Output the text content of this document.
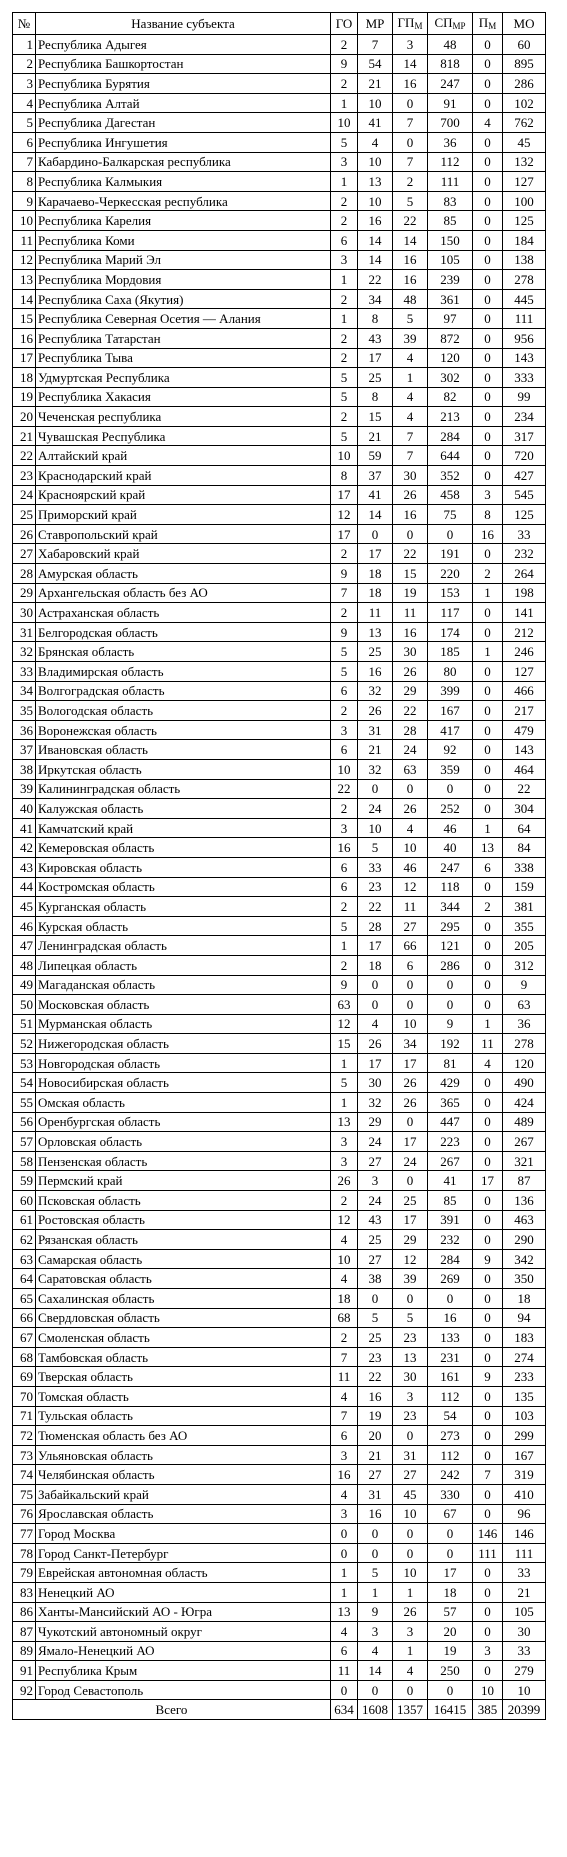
№	Название субъекта	ГО	МР	$ГП_М$	$СП_{MP}$	$П_М$	МО
1	Республика Адыгея	2	7	3	48	0	60
2	Республика Башкортостан	9	54	14	818	0	895
3	Республика Бурятия	2	21	16	247	0	286
4	Республика Алтай	1	10	0	91	0	102
5	Республика Дагестан	10	41	7	700	4	762
6	Республика Ингушетия	5	4	0	36	0	45
7	Кабардино-Балкарская республика	3	10	7	112	0	132
8	Республика Калмыкия	1	13	2	111	0	127
9	Карачаево-Черкесская республика	2	10	5	83	0	100
10	Республика Карелия	2	16	22	85	0	125
11	Республика Коми	6	14	14	150	0	184
12	Республика Марий Эл	3	14	16	105	0	138
13	Республика Мордовия	1	22	16	239	0	278
14	Республика Саха (Якутия)	2	34	48	361	0	445
15	Республика Северная Осетия — Алания	1	8	5	97	0	111
16	Республика Татарстан	2	43	39	872	0	956
17	Республика Тыва	2	17	4	120	0	143
18	Удмуртская Республика	5	25	1	302	0	333
19	Республика Хакасия	5	8	4	82	0	99
20	Чеченская республика	2	15	4	213	0	234
21	Чувашская Республика	5	21	7	284	0	317
22	Алтайский край	10	59	7	644	0	720
23	Краснодарский край	8	37	30	352	0	427
24	Красноярский край	17	41	26	458	3	545
25	Приморский край	12	14	16	75	8	125
26	Ставропольский край	17	0	0	0	16	33
27	Хабаровский край	2	17	22	191	0	232
28	Амурская область	9	18	15	220	2	264
29	Архангельская область без АО	7	18	19	153	1	198
30	Астраханская область	2	11	11	117	0	141
31	Белгородская область	9	13	16	174	0	212
32	Брянская область	5	25	30	185	1	246
33	Владимирская область	5	16	26	80	0	127
34	Волгоградская область	6	32	29	399	0	466
35	Вологодская область	2	26	22	167	0	217
36	Воронежская область	3	31	28	417	0	479
37	Ивановская область	6	21	24	92	0	143
38	Иркутская область	10	32	63	359	0	464
39	Калининградская область	22	0	0	0	0	22
40	Калужская область	2	24	26	252	0	304
41	Камчатский край	3	10	4	46	1	64
42	Кемеровская область	16	5	10	40	13	84
43	Кировская область	6	33	46	247	6	338
44	Костромская область	6	23	12	118	0	159
45	Курганская область	2	22	11	344	2	381
46	Курская область	5	28	27	295	0	355
47	Ленинградская область	1	17	66	121	0	205
48	Липецкая область	2	18	6	286	0	312
49	Магаданская область	9	0	0	0	0	9
50	Московская область	63	0	0	0	0	63
51	Мурманская область	12	4	10	9	1	36
52	Нижегородская область	15	26	34	192	11	278
53	Новгородская область	1	17	17	81	4	120
54	Новосибирская область	5	30	26	429	0	490
55	Омская область	1	32	26	365	0	424
56	Оренбургская область	13	29	0	447	0	489
57	Орловская область	3	24	17	223	0	267
58	Пензенская область	3	27	24	267	0	321
59	Пермский край	26	3	0	41	17	87
60	Псковская область	2	24	25	85	0	136
61	Ростовская область	12	43	17	391	0	463
62	Рязанская область	4	25	29	232	0	290
63	Самарская область	10	27	12	284	9	342
64	Саратовская область	4	38	39	269	0	350
65	Сахалинская область	18	0	0	0	0	18
66	Свердловская область	68	5	5	16	0	94
67	Смоленская область	2	25	23	133	0	183
68	Тамбовская область	7	23	13	231	0	274
69	Тверская область	11	22	30	161	9	233
70	Томская область	4	16	3	112	0	135
71	Тульская область	7	19	23	54	0	103
72	Тюменская область без АО	6	20	0	273	0	299
73	Ульяновская область	3	21	31	112	0	167
74	Челябинская область	16	27	27	242	7	319
75	Забайкальский край	4	31	45	330	0	410
76	Ярославская область	3	16	10	67	0	96
77	Город Москва	0	0	0	0	146	146
78	Город Санкт-Петербург	0	0	0	0	111	111
79	Еврейская автономная область	1	5	10	17	0	33
83	Ненецкий АО	1	1	1	18	0	21
86	Ханты-Мансийский АО - Югра	13	9	26	57	0	105
87	Чукотский автономный округ	4	3	3	20	0	30
89	Ямало-Ненецкий АО	6	4	1	19	3	33
91	Республика Крым	11	14	4	250	0	279
92	Город Севастополь	0	0	0	0	10	10
Всего		634	1608	1357	16415	385	20399
